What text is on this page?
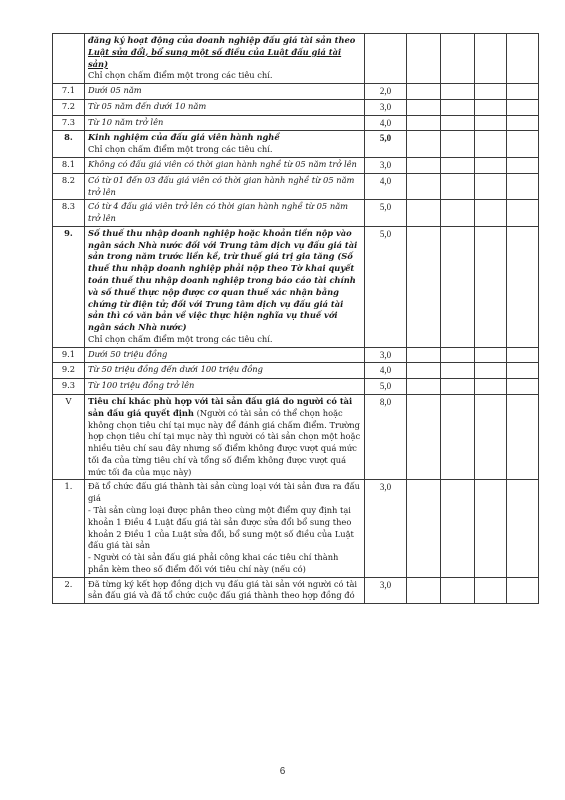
	đăng ký hoạt động của doanh nghiệp đấu giá tài sản theo Luật sửa đổi, bổ sung một số điều của Luật đấu giá tài sản)
Chỉ chọn chấm điểm một trong các tiêu chí.					
7.1	Dưới 05 năm	2,0				
7.2	Từ 05 năm đến dưới 10 năm	3,0				
7.3	Từ 10 năm trở lên	4,0				
8.	Kinh nghiệm của đấu giá viên hành nghề
Chỉ chọn chấm điểm một trong các tiêu chí.	5,0				
8.1	Không có đấu giá viên có thời gian hành nghề từ 05 năm trở lên	3,0				
8.2	Có từ 01 đến 03 đấu giá viên có thời gian hành nghề từ 05 năm trở lên	4,0				
8.3	Có từ 4 đấu giá viên trở lên có thời gian hành nghề từ 05 năm trở lên	5,0				
9.	Số thuế thu nhập doanh nghiệp hoặc khoản tiền nộp vào ngân sách Nhà nước đối với Trung tâm dịch vụ đấu giá tài sản trong năm trước liền kề, trừ thuế giá trị gia tăng (Số thuế thu nhập doanh nghiệp phải nộp theo Tờ khai quyết toán thuế thu nhập doanh nghiệp trong báo cáo tài chính và số thuế thực nộp được cơ quan thuế xác nhận bằng chứng từ điện tử; đối với Trung tâm dịch vụ đấu giá tài sản thì có văn bản về việc thực hiện nghĩa vụ thuế với ngân sách Nhà nước)
Chỉ chọn chấm điểm một trong các tiêu chí.	5,0				
9.1	Dưới 50 triệu đồng	3,0				
9.2	Từ 50 triệu đồng đến dưới 100 triệu đồng	4,0				
9.3	Từ 100 triệu đồng trở lên	5,0				
V	Tiêu chí khác phù hợp với tài sản đấu giá do người có tài sản đấu giá quyết định (Người có tài sản có thể chọn hoặc không chọn tiêu chí tại mục này để đánh giá chấm điểm. Trường hợp chọn tiêu chí tại mục này thì người có tài sản chọn một hoặc nhiều tiêu chí sau đây nhưng số điểm không được vượt quá mức tối đa của từng tiêu chí và tổng số điểm không được vượt quá mức tối đa của mục này)	8,0				
1.	Đã tổ chức đấu giá thành tài sản cùng loại với tài sản đưa ra đấu giá
- Tài sản cùng loại được phân theo cùng một điểm quy định tại khoản 1 Điều 4 Luật đấu giá tài sản được sửa đổi bổ sung theo khoản 2 Điều 1 của Luật sửa đổi, bổ sung một số điều của Luật đấu giá tài sản
- Người có tài sản đấu giá phải công khai các tiêu chí thành phần kèm theo số điểm đối với tiêu chí này (nếu có)	3,0				
2.	Đã từng ký kết hợp đồng dịch vụ đấu giá tài sản với người có tài sản đấu giá và đã tổ chức cuộc đấu giá thành theo hợp đồng đó	3,0				
6
